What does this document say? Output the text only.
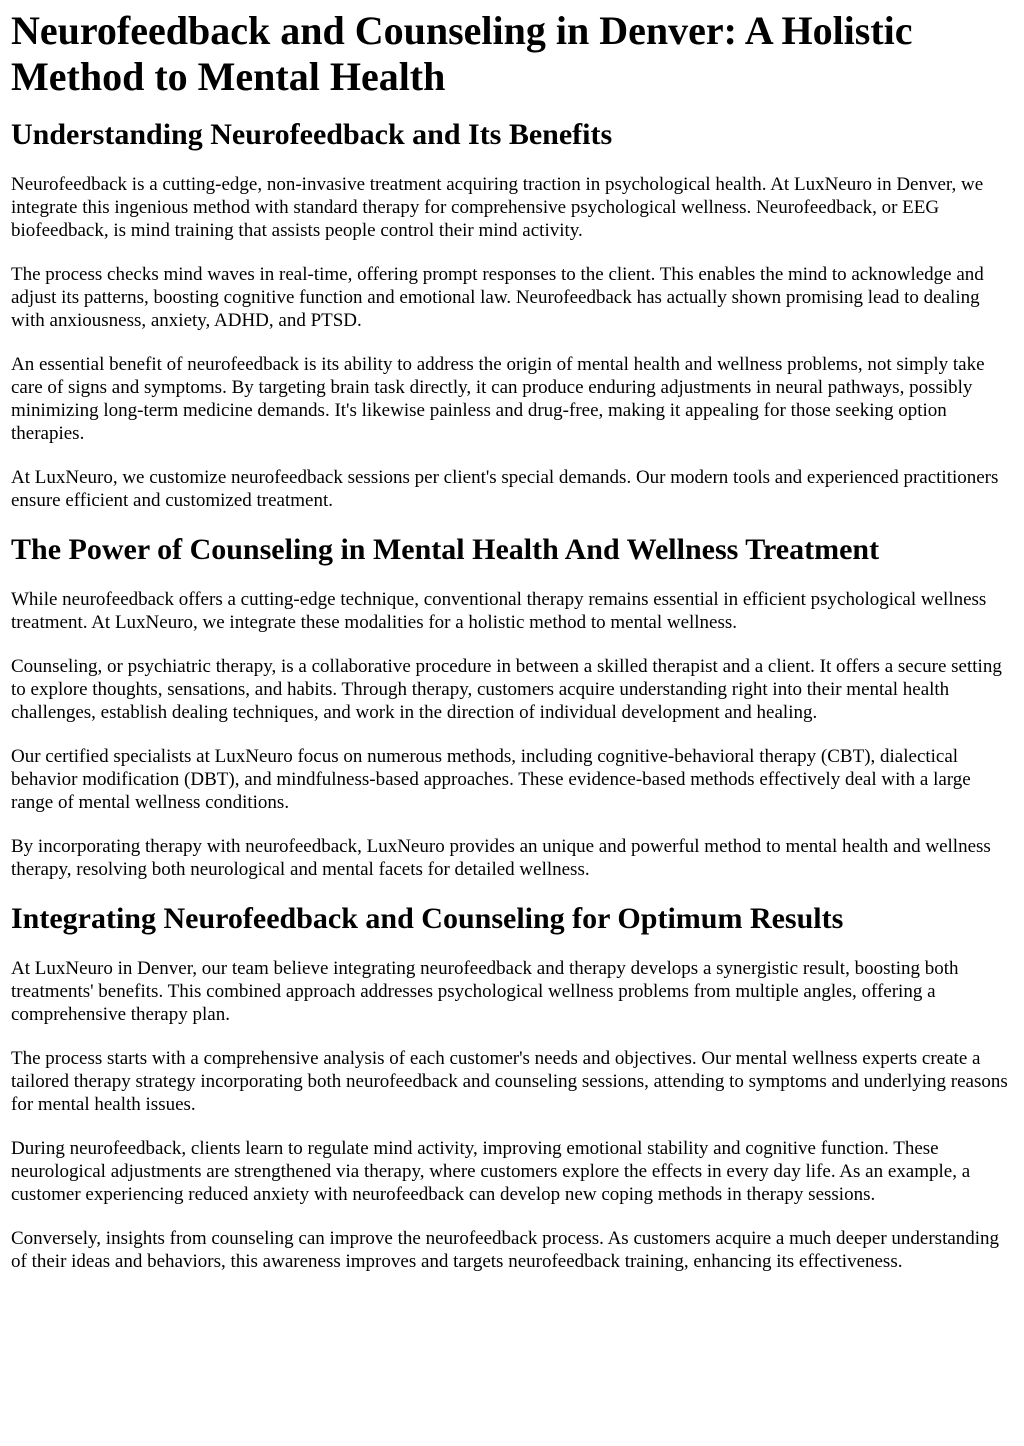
Neurofeedback and Counseling in Denver: A Holistic Method to Mental Health
Understanding Neurofeedback and Its Benefits

Neurofeedback is a cutting-edge, non-invasive treatment acquiring traction in psychological health. At LuxNeuro in Denver, we integrate this ingenious method with standard therapy for comprehensive psychological wellness. Neurofeedback, or EEG biofeedback, is mind training that assists people control their mind activity.

The process checks mind waves in real-time, offering prompt responses to the client. This enables the mind to acknowledge and adjust its patterns, boosting cognitive function and emotional law. Neurofeedback has actually shown promising lead to dealing with anxiousness, anxiety, ADHD, and PTSD.

An essential benefit of neurofeedback is its ability to address the origin of mental health and wellness problems, not simply take care of signs and symptoms. By targeting brain task directly, it can produce enduring adjustments in neural pathways, possibly minimizing long-term medicine demands. It's likewise painless and drug-free, making it appealing for those seeking option therapies.

At LuxNeuro, we customize neurofeedback sessions per client's special demands. Our modern tools and experienced practitioners ensure efficient and customized treatment.

The Power of Counseling in Mental Health And Wellness Treatment

While neurofeedback offers a cutting-edge technique, conventional therapy remains essential in efficient psychological wellness treatment. At LuxNeuro, we integrate these modalities for a holistic method to mental wellness.

Counseling, or psychiatric therapy, is a collaborative procedure in between a skilled therapist and a client. It offers a secure setting to explore thoughts, sensations, and habits. Through therapy, customers acquire understanding right into their mental health challenges, establish dealing techniques, and work in the direction of individual development and healing.

Our certified specialists at LuxNeuro focus on numerous methods, including cognitive-behavioral therapy (CBT), dialectical behavior modification (DBT), and mindfulness-based approaches. These evidence-based methods effectively deal with a large range of mental wellness conditions.

By incorporating therapy with neurofeedback, LuxNeuro provides an unique and powerful method to mental health and wellness therapy, resolving both neurological and mental facets for detailed wellness.

Integrating Neurofeedback and Counseling for Optimum Results

At LuxNeuro in Denver, our team believe integrating neurofeedback and therapy develops a synergistic result, boosting both treatments' benefits. This combined approach addresses psychological wellness problems from multiple angles, offering a comprehensive therapy plan.

The process starts with a comprehensive analysis of each customer's needs and objectives. Our mental wellness experts create a tailored therapy strategy incorporating both neurofeedback and counseling sessions, attending to symptoms and underlying reasons for mental health issues.

During neurofeedback, clients learn to regulate mind activity, improving emotional stability and cognitive function. These neurological adjustments are strengthened via therapy, where customers explore the effects in every day life. As an example, a customer experiencing reduced anxiety with neurofeedback can develop new coping methods in therapy sessions.

Conversely, insights from counseling can improve the neurofeedback process. As customers acquire a much deeper understanding of their ideas and behaviors, this awareness improves and targets neurofeedback training, enhancing its effectiveness.
